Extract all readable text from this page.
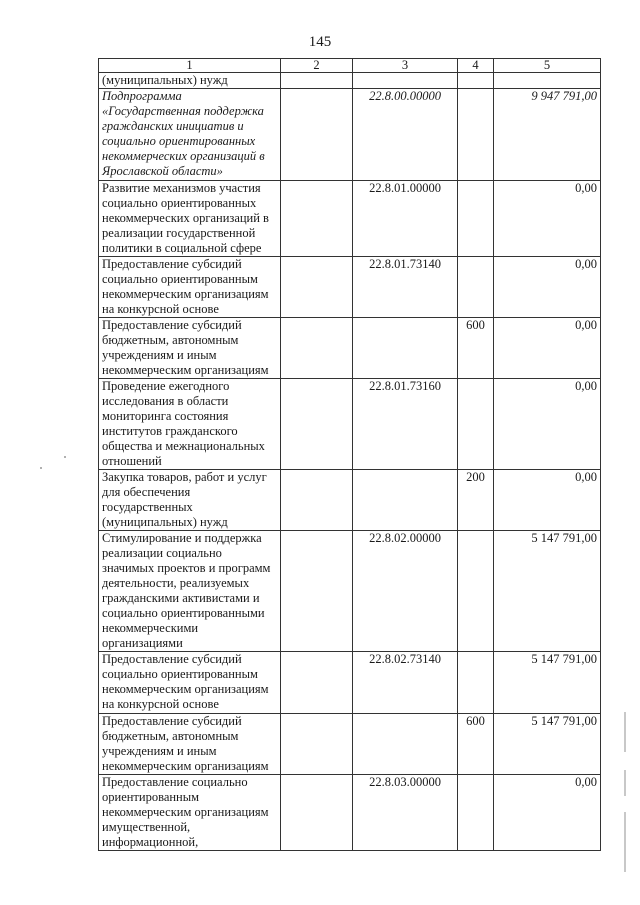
145
1	2	3	4	5
(муниципальных) нужд				
Подпрограмма «Государственная поддержка гражданских инициатив и социально ориентированных некоммерческих организаций в Ярославской области»		22.8.00.00000		9 947 791,00
Развитие механизмов участия социально ориентированных некоммерческих организаций в реализации государственной политики в социальной сфере		22.8.01.00000		0,00
Предоставление субсидий социально ориентированным некоммерческим организациям на конкурсной основе		22.8.01.73140		0,00
Предоставление субсидий бюджетным, автономным учреждениям и иным некоммерческим организациям			600	0,00
Проведение ежегодного исследования в области мониторинга состояния институтов гражданского общества и межнациональных отношений		22.8.01.73160		0,00
Закупка товаров, работ и услуг для обеспечения государственных (муниципальных) нужд			200	0,00
Стимулирование и поддержка реализации социально значимых проектов и программ деятельности, реализуемых гражданскими активистами и социально ориентированными некоммерческими организациями		22.8.02.00000		5 147 791,00
Предоставление субсидий социально ориентированным некоммерческим организациям на конкурсной основе		22.8.02.73140		5 147 791,00
Предоставление субсидий бюджетным, автономным учреждениям и иным некоммерческим организациям			600	5 147 791,00
Предоставление социально ориентированным некоммерческим организациям имущественной, информационной,		22.8.03.00000		0,00
